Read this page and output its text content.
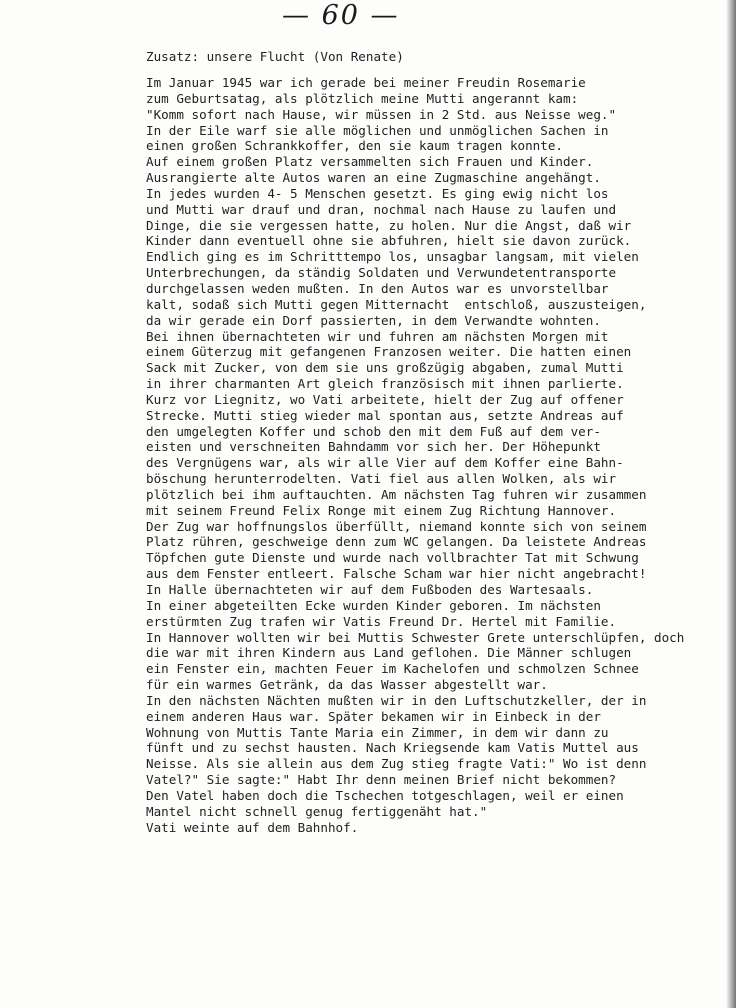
— 60 —
Zusatz: unsere Flucht (Von Renate)
Im Januar 1945 war ich gerade bei meiner Freudin Rosemarie
zum Geburtsatag, als plötzlich meine Mutti angerannt kam:
"Komm sofort nach Hause, wir müssen in 2 Std. aus Neisse weg."
In der Eile warf sie alle möglichen und unmöglichen Sachen in
einen großen Schrankkoffer, den sie kaum tragen konnte.
Auf einem großen Platz versammelten sich Frauen und Kinder.
Ausrangierte alte Autos waren an eine Zugmaschine angehängt.
In jedes wurden 4- 5 Menschen gesetzt. Es ging ewig nicht los
und Mutti war drauf und dran, nochmal nach Hause zu laufen und
Dinge, die sie vergessen hatte, zu holen. Nur die Angst, daß wir
Kinder dann eventuell ohne sie abfuhren, hielt sie davon zurück.
Endlich ging es im Schritttempo los, unsagbar langsam, mit vielen
Unterbrechungen, da ständig Soldaten und Verwundetentransporte
durchgelassen weden mußten. In den Autos war es unvorstellbar
kalt, sodaß sich Mutti gegen Mitternacht  entschloß, auszusteigen,
da wir gerade ein Dorf passierten, in dem Verwandte wohnten.
Bei ihnen übernachteten wir und fuhren am nächsten Morgen mit
einem Güterzug mit gefangenen Franzosen weiter. Die hatten einen
Sack mit Zucker, von dem sie uns großzügig abgaben, zumal Mutti
in ihrer charmanten Art gleich französisch mit ihnen parlierte.
Kurz vor Liegnitz, wo Vati arbeitete, hielt der Zug auf offener
Strecke. Mutti stieg wieder mal spontan aus, setzte Andreas auf
den umgelegten Koffer und schob den mit dem Fuß auf dem ver-
eisten und verschneiten Bahndamm vor sich her. Der Höhepunkt
des Vergnügens war, als wir alle Vier auf dem Koffer eine Bahn-
böschung herunterrodelten. Vati fiel aus allen Wolken, als wir
plötzlich bei ihm auftauchten. Am nächsten Tag fuhren wir zusammen
mit seinem Freund Felix Ronge mit einem Zug Richtung Hannover.
Der Zug war hoffnungslos überfüllt, niemand konnte sich von seinem
Platz rühren, geschweige denn zum WC gelangen. Da leistete Andreas
Töpfchen gute Dienste und wurde nach vollbrachter Tat mit Schwung
aus dem Fenster entleert. Falsche Scham war hier nicht angebracht!
In Halle übernachteten wir auf dem Fußboden des Wartesaals.
In einer abgeteilten Ecke wurden Kinder geboren. Im nächsten
erstürmten Zug trafen wir Vatis Freund Dr. Hertel mit Familie.
In Hannover wollten wir bei Muttis Schwester Grete unterschlüpfen, doch
die war mit ihren Kindern aus Land geflohen. Die Männer schlugen
ein Fenster ein, machten Feuer im Kachelofen und schmolzen Schnee
für ein warmes Getränk, da das Wasser abgestellt war.
In den nächsten Nächten mußten wir in den Luftschutzkeller, der in
einem anderen Haus war. Später bekamen wir in Einbeck in der
Wohnung von Muttis Tante Maria ein Zimmer, in dem wir dann zu
fünft und zu sechst hausten. Nach Kriegsende kam Vatis Muttel aus
Neisse. Als sie allein aus dem Zug stieg fragte Vati:" Wo ist denn
Vatel?" Sie sagte:" Habt Ihr denn meinen Brief nicht bekommen?
Den Vatel haben doch die Tschechen totgeschlagen, weil er einen
Mantel nicht schnell genug fertiggenäht hat."
Vati weinte auf dem Bahnhof.
